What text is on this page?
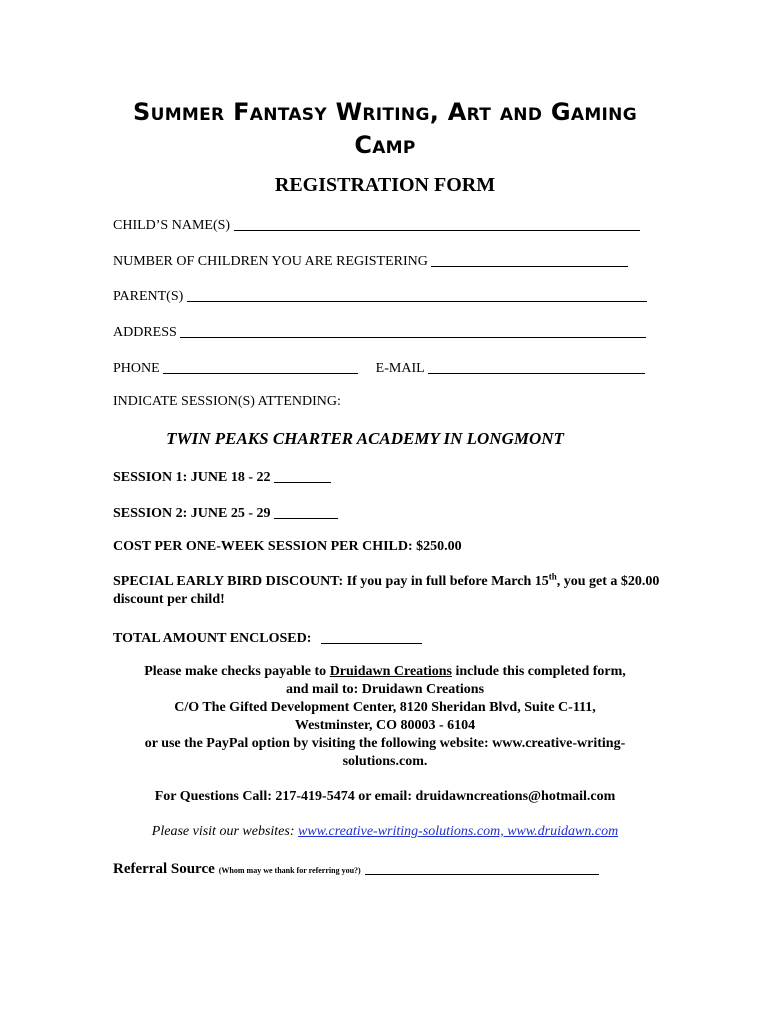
Summer Fantasy Writing, Art and Gaming
Camp
REGISTRATION FORM
CHILD’S NAME(S)
NUMBER OF CHILDREN YOU ARE REGISTERING
PARENT(S)
ADDRESS
PHONE	E-MAIL
INDICATE SESSION(S) ATTENDING:
TWIN PEAKS CHARTER ACADEMY IN LONGMONT
SESSION 1: JUNE 18 - 22
SESSION 2: JUNE 25 - 29
COST PER ONE-WEEK SESSION PER CHILD: $250.00
SPECIAL EARLY BIRD DISCOUNT: If you pay in full before March 15th, you get a $20.00 discount per child!
TOTAL AMOUNT ENCLOSED:
Please make checks payable to Druidawn Creations include this completed form,
and mail to: Druidawn Creations
C/O The Gifted Development Center, 8120 Sheridan Blvd, Suite C-111,
Westminster, CO 80003 - 6104
or use the PayPal option by visiting the following website: www.creative-writing-
solutions.com.
For Questions Call: 217-419-5474 or email: druidawncreations@hotmail.com
Please visit our websites: www.creative-writing-solutions.com, www.druidawn.com
Referral Source (Whom may we thank for referring you?)
